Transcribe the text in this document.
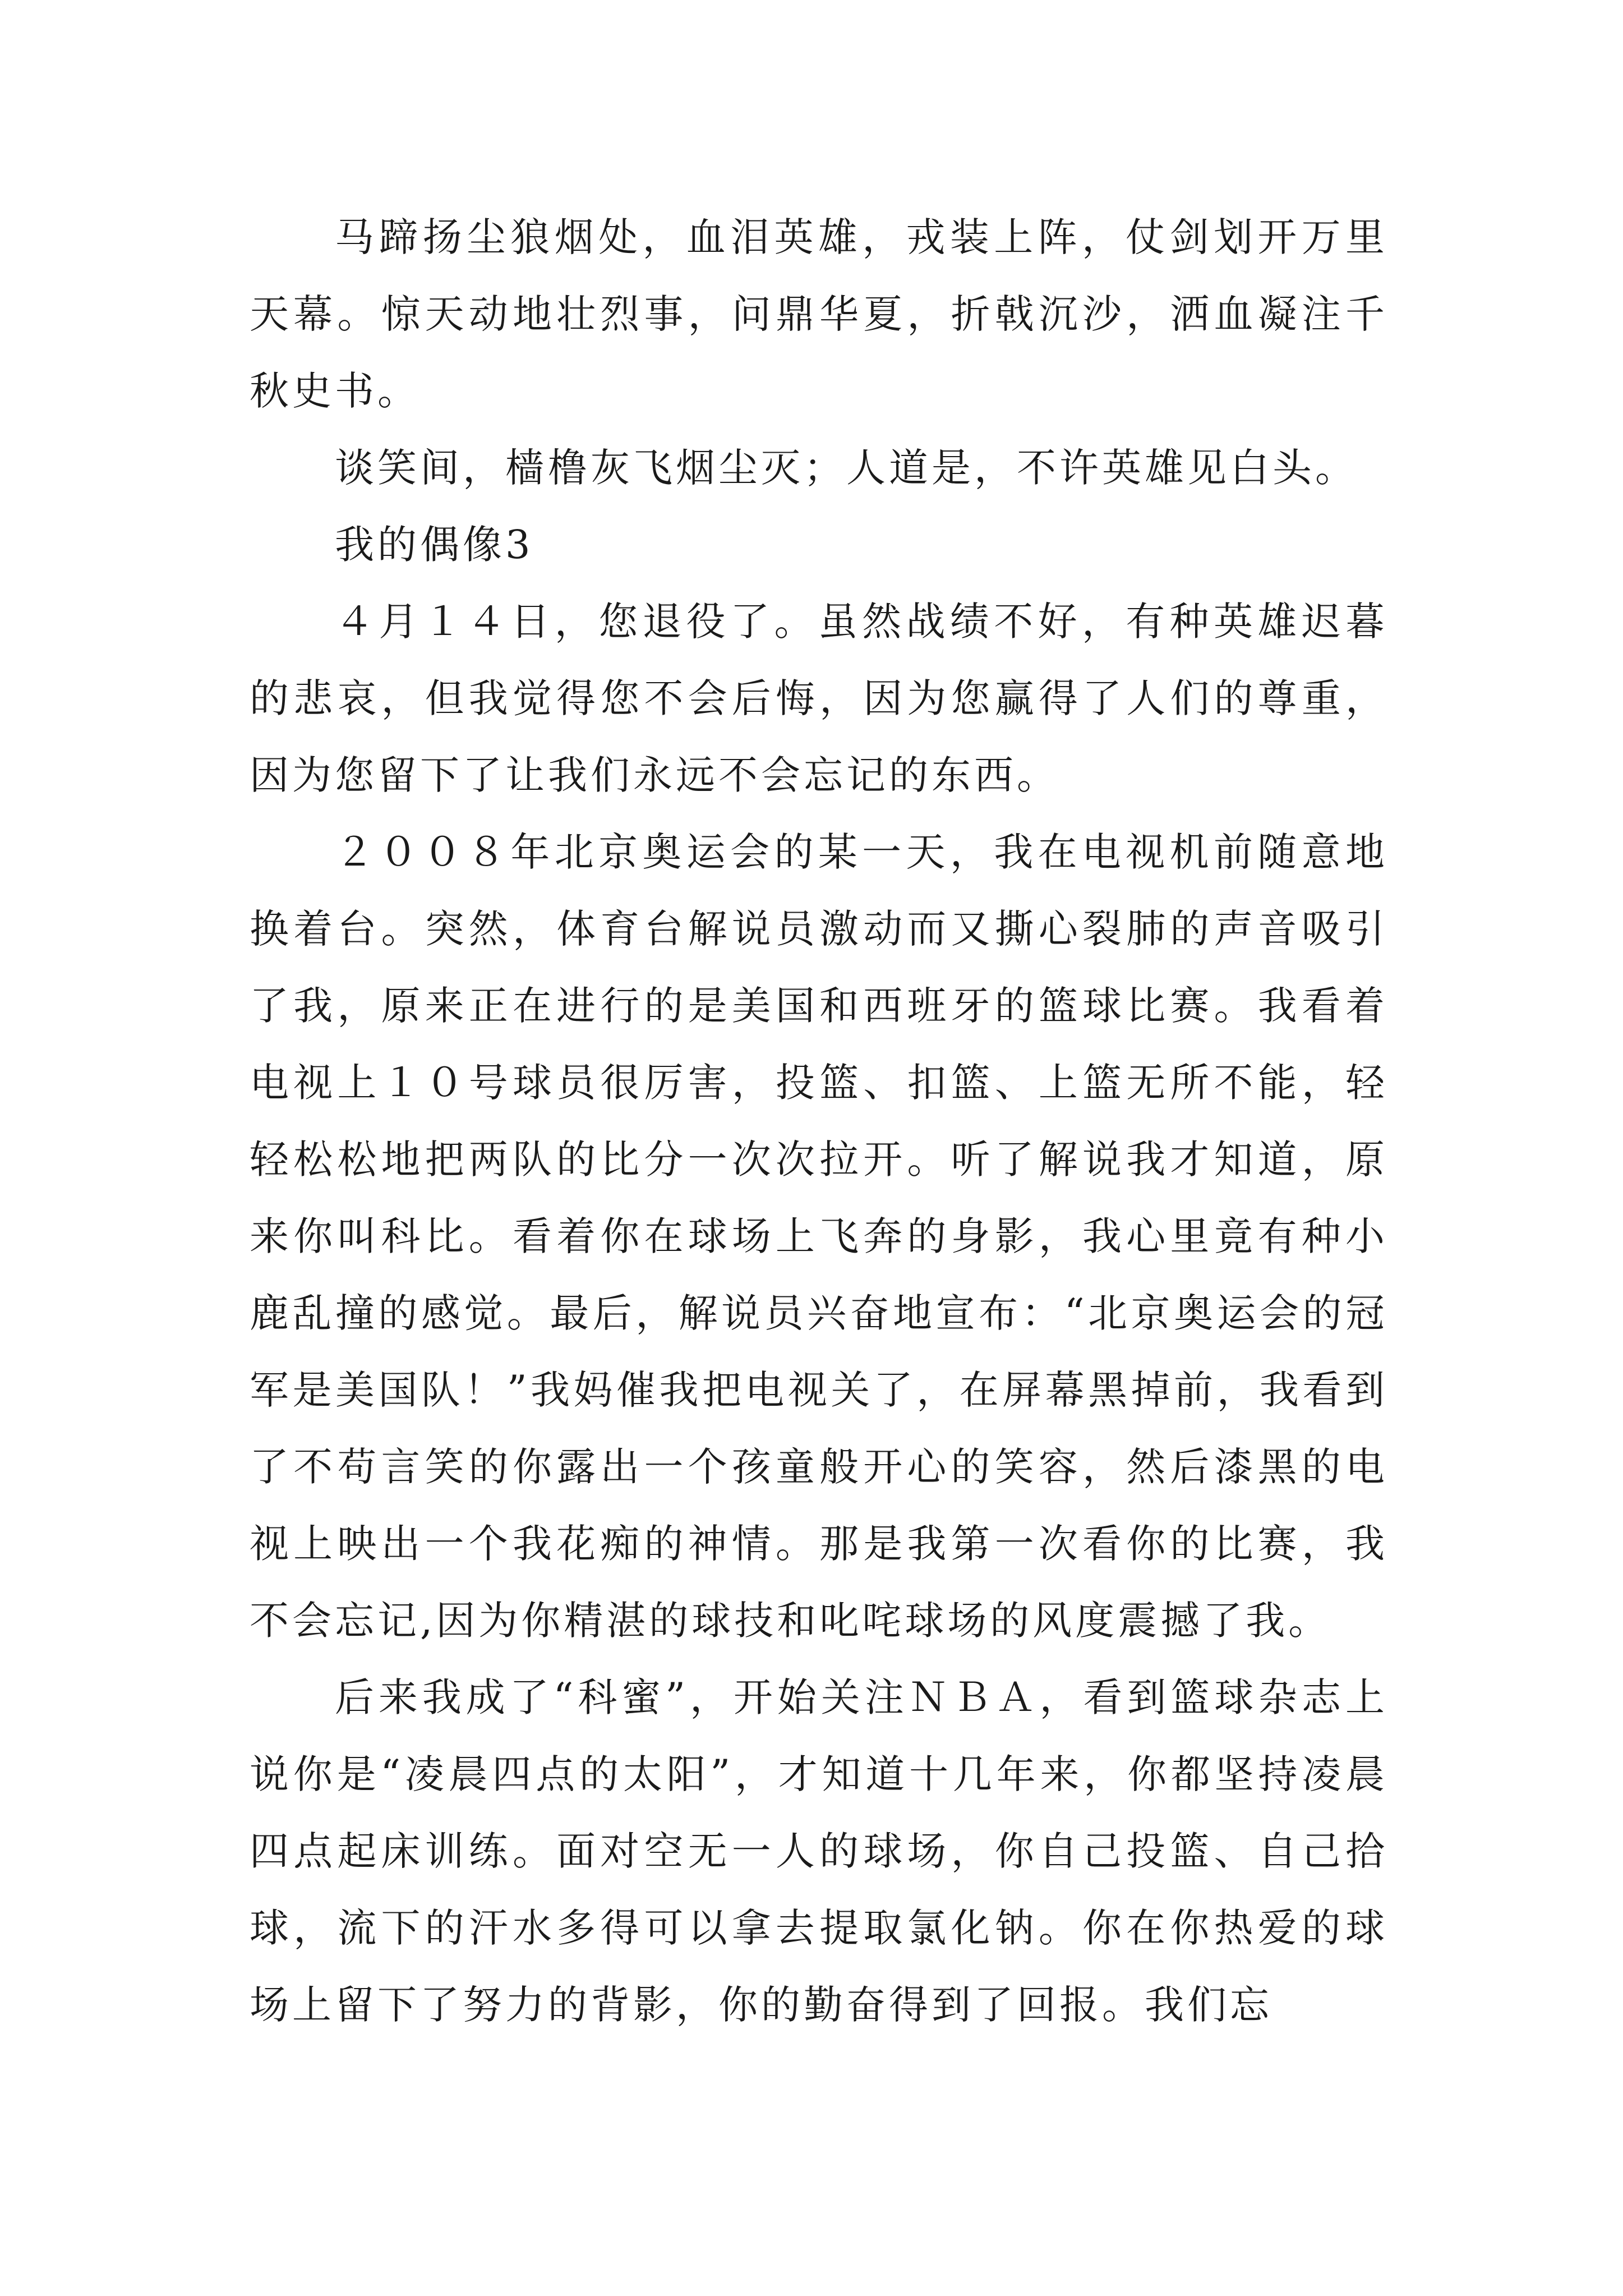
马蹄扬尘狼烟处，血泪英雄，戎装上阵，仗剑划开万里天幕。惊天动地壮烈事，问鼎华夏，折戟沉沙，洒血凝注千秋史书。

谈笑间，樯橹灰飞烟尘灭；人道是，不许英雄见白头。

我的偶像3

４月１４日，您退役了。虽然战绩不好，有种英雄迟暮的悲哀，但我觉得您不会后悔，因为您赢得了人们的尊重，因为您留下了让我们永远不会忘记的东西。

２００８年北京奥运会的某一天，我在电视机前随意地换着台。突然，体育台解说员激动而又撕心裂肺的声音吸引了我，原来正在进行的是美国和西班牙的篮球比赛。我看着电视上１０号球员很厉害，投篮、扣篮、上篮无所不能，轻轻松松地把两队的比分一次次拉开。听了解说我才知道，原来你叫科比。看着你在球场上飞奔的身影，我心里竟有种小鹿乱撞的感觉。最后，解说员兴奋地宣布：“北京奥运会的冠军是美国队！”我妈催我把电视关了，在屏幕黑掉前，我看到了不苟言笑的你露出一个孩童般开心的笑容，然后漆黑的电视上映出一个我花痴的神情。那是我第一次看你的比赛，我不会忘记,因为你精湛的球技和叱咤球场的风度震撼了我。

后来我成了“科蜜”，开始关注ＮＢＡ，看到篮球杂志上说你是“凌晨四点的太阳”，才知道十几年来，你都坚持凌晨四点起床训练。面对空无一人的球场，你自己投篮、自己拾球，流下的汗水多得可以拿去提取氯化钠。你在你热爱的球场上留下了努力的背影，你的勤奋得到了回报。我们忘
